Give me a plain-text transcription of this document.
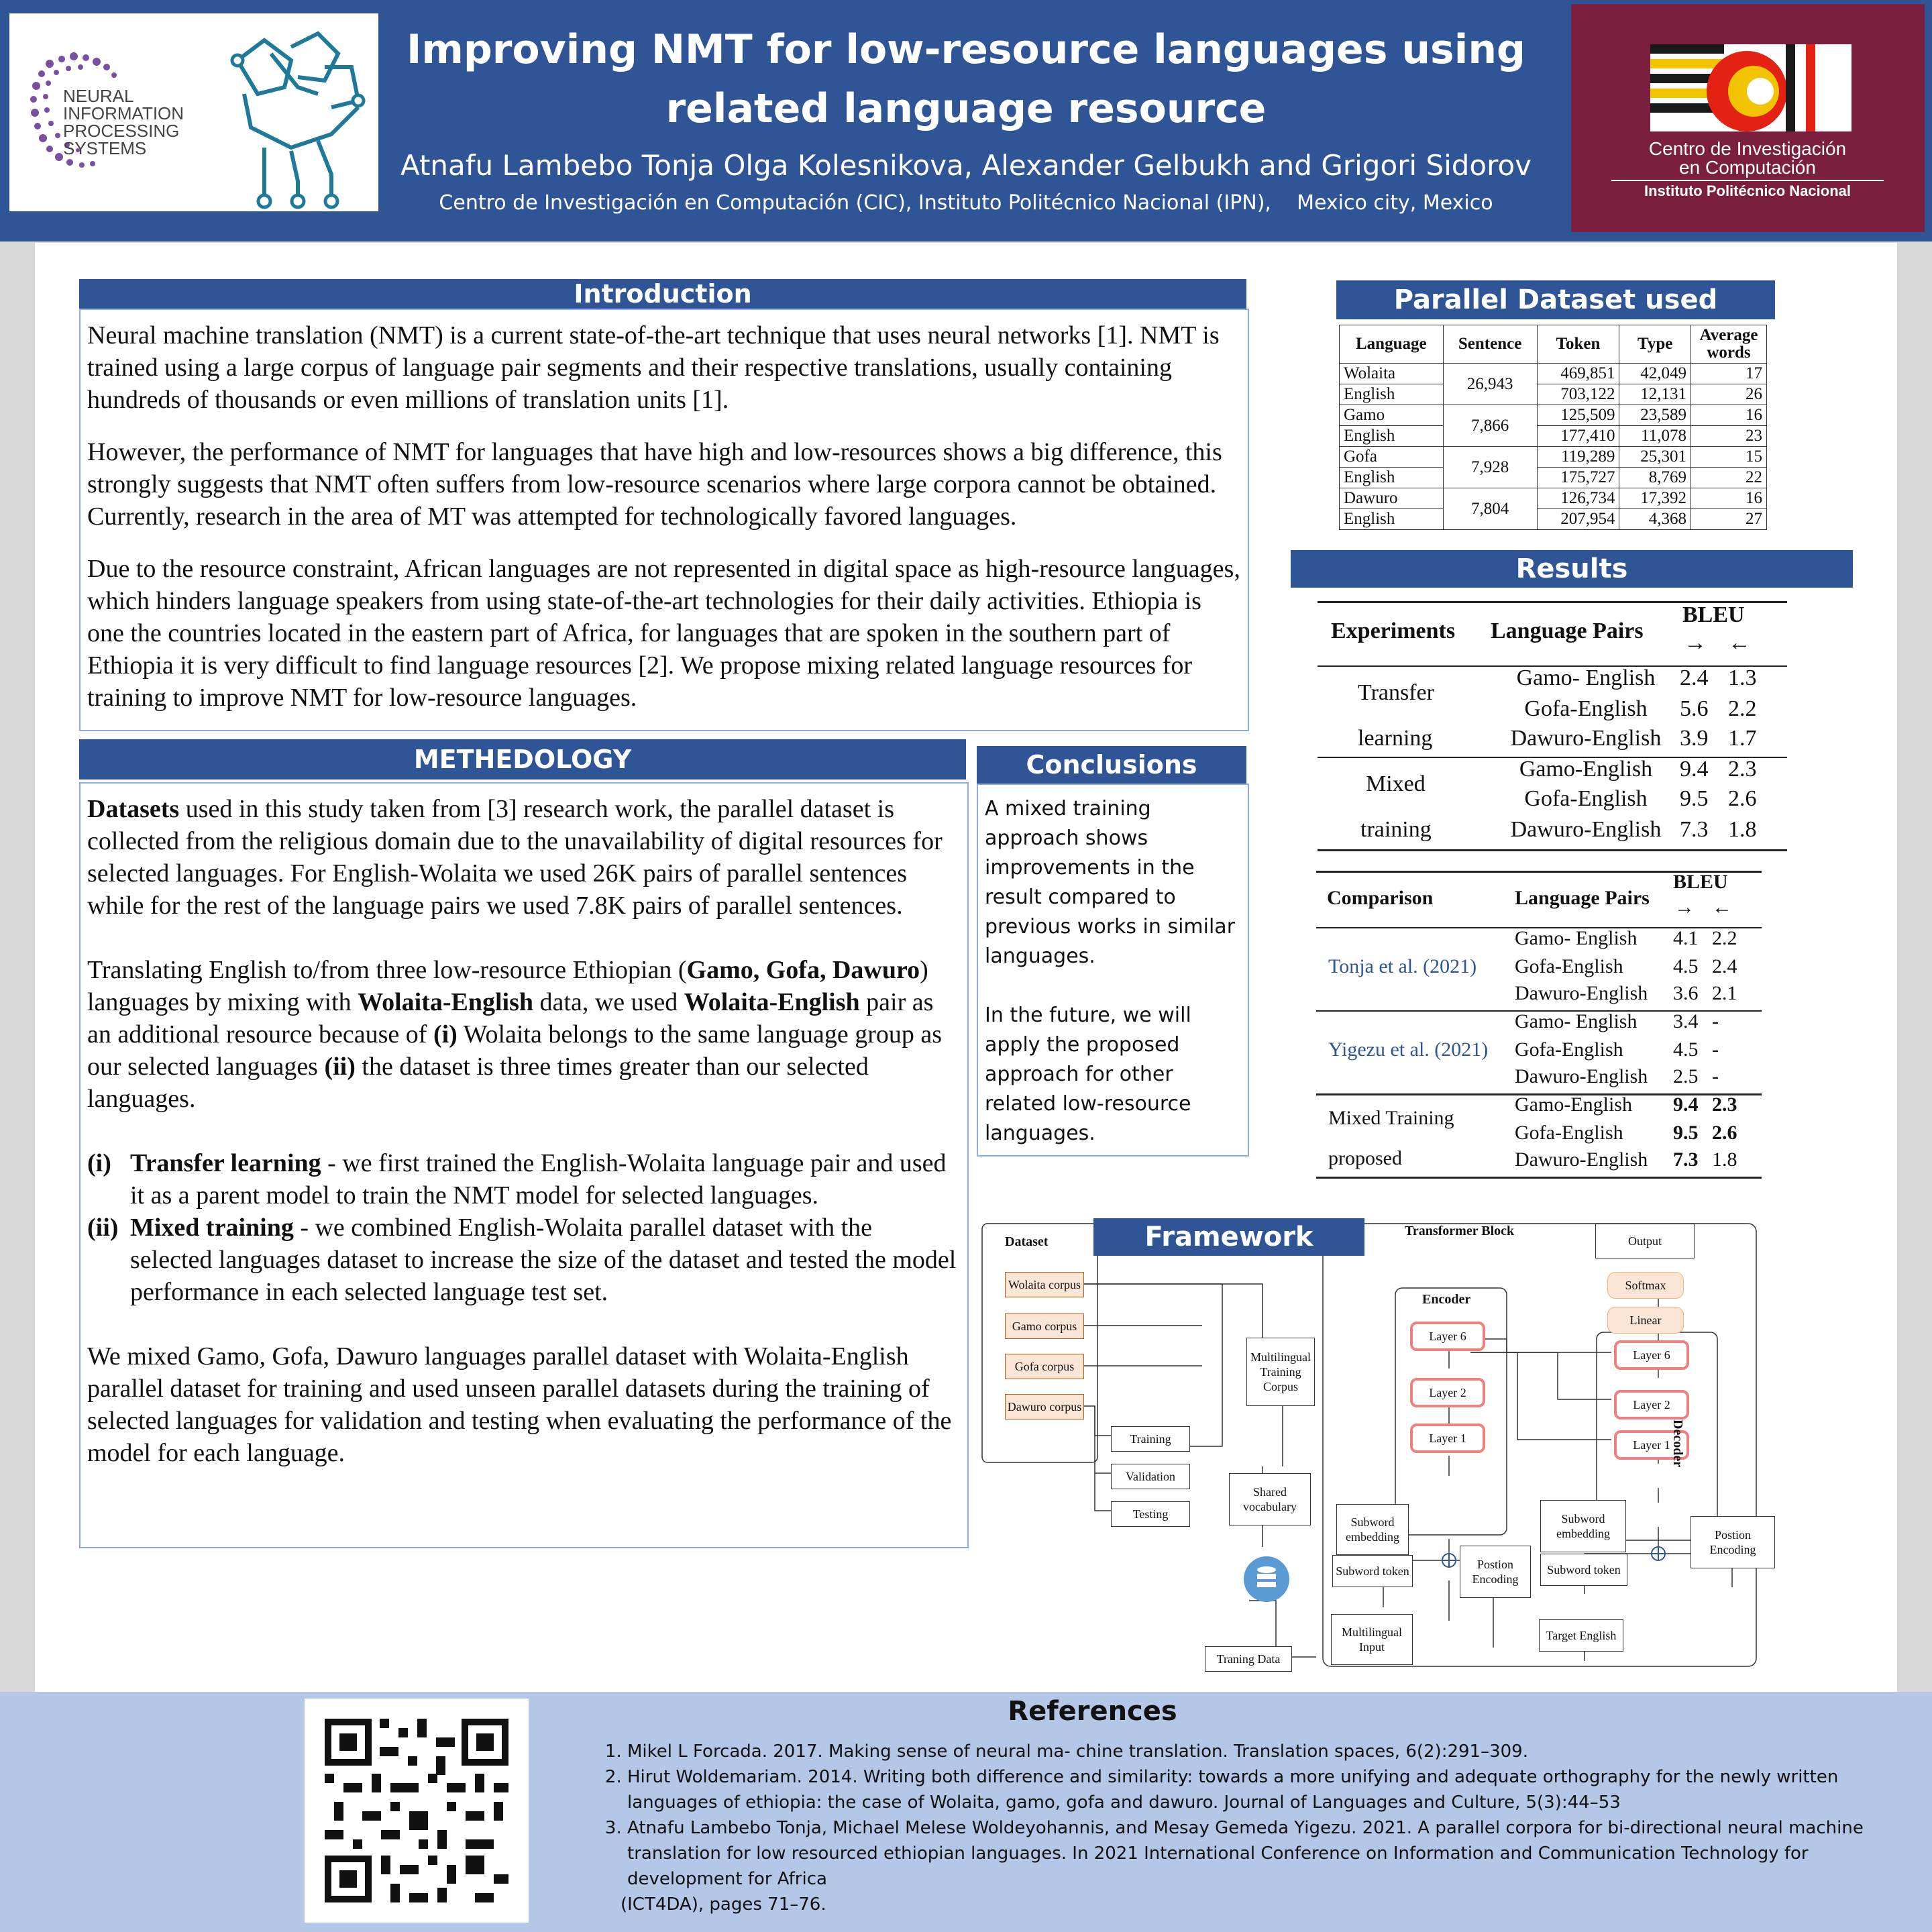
NEURAL
INFORMATION
PROCESSING
SYSTEMS	Centro de Investigación
en Computación
Instituto Politécnico Nacional
Improving NMT for low-resource languages using related language resource
Atnafu Lambebo Tonja Olga Kolesnikova, Alexander Gelbukh and Grigori Sidorov
Centro de Investigación en Computación (CIC), Instituto Politécnico Nacional (IPN),    Mexico city, Mexico
Introduction

Neural machine translation (NMT) is a current state-of-the-art technique that uses neural networks [1]. NMT is trained using a large corpus of language pair segments and their respective translations, usually containing hundreds of thousands or even millions of translation units [1].

However, the performance of NMT for languages that have high and low-resources shows a big difference, this strongly suggests that NMT often suffers from low-resource scenarios where large corpora cannot be obtained. Currently, research in the area of MT was attempted for technologically favored languages.

Due to the resource constraint, African languages are not represented in digital space as high-resource languages, which hinders language speakers from using state-of-the-art technologies for their daily activities. Ethiopia is one the countries located in the eastern part of Africa, for languages that are spoken in the southern part of Ethiopia it is very difficult to find language resources [2]. We propose mixing related language resources for training to improve NMT for low-resource languages.

METHEDOLOGY

Datasets used in this study taken from [3] research work, the parallel dataset is collected from the religious domain due to the unavailability of digital resources for selected languages. For English-Wolaita we used 26K pairs of parallel sentences while for the rest of the language pairs we used 7.8K pairs of parallel sentences.

Translating English to/from three low-resource Ethiopian (Gamo, Gofa, Dawuro) languages by mixing with Wolaita-English data, we used Wolaita-English pair as an additional resource because of (i) Wolaita belongs to the same language group as our selected languages (ii) the dataset is three times greater than our selected languages.

(i) Transfer learning - we first trained the English-Wolaita language pair and used it as a parent model to train the NMT model for selected languages.
(ii) Mixed training - we combined English-Wolaita parallel dataset with the selected languages dataset to increase the size of the dataset and tested the model performance in each selected language test set.

We mixed Gamo, Gofa, Dawuro languages parallel dataset with Wolaita-English parallel dataset for training and used unseen parallel datasets during the training of selected languages for validation and testing when evaluating the performance of the model for each language.

Conclusions
A mixed training approach shows improvements in the result compared to previous works in similar languages.
In the future, we will apply the proposed approach for other related low-resource languages.
Parallel Dataset used
Language	Sentence	Token	Type	Average words
Wolaita	26,943	469,851	42,049	17
English		703,122	12,131	26
Gamo	7,866	125,509	23,589	16
English		177,410	11,078	23
Gofa	7,928	119,289	25,301	15
English		175,727	8,769	22
Dawuro	7,804	126,734	17,392	16
English		207,954	4,368	27
Results
Experiments Language Pairs
BLEU
→ ←
Transfer
learning
Gamo- English	2.4 1.3
Gofa-English	5.6 2.2
Dawuro-English 3.9 1.7
Mixed
training
Gamo-English	9.4 2.3
Gofa-English	9.5 2.6
Dawuro-English 7.3 1.8
Comparison	Language Pairs
BLEU
→ ←
Tonja et al. (2021)
Gamo- English 4.1 2.2
Gofa-English 4.5 2.4
Dawuro-English 3.6 2.1
Yigezu et al. (2021)
Gamo- English 3.4 -
Gofa-English 4.5 -
Dawuro-English 2.5 -
Mixed Training
proposed
Gamo-English 9.4 2.3
Gofa-English 9.5 2.6
Dawuro-English 7.3 1.8
Dataset
Wolaita corpus
Gamo corpus
Gofa corpus
Dawuro corpus
Training
Validation
Testing
Multilingual Training Corpus
Shared vocabulary
Traning Data
Multilingual Input
Transformer Block
Encoder
Layer 6
Layer 2
Layer 1
Subword embedding
Subword token	Postion Encoding
Output
Softmax
Linear
Layer 6
Layer 2
Layer 1 Decoder
Subword embedding
Subword token
Postion Encoding
Target English
Framework
References
1. Mikel L Forcada. 2017. Making sense of neural ma- chine translation. Translation spaces, 6(2):291–309.
2. Hirut Woldemariam. 2014. Writing both difference and similarity: towards a more unifying and adequate orthography for the newly written languages of ethiopia: the case of Wolaita, gamo, gofa and dawuro. Journal of Languages and Culture, 5(3):44–53
3. Atnafu Lambebo Tonja, Michael Melese Woldeyohannis, and Mesay Gemeda Yigezu. 2021. A parallel corpora for bi-directional neural machine translation for low resourced ethiopian languages. In 2021 International Conference on Information and Communication Technology for development for Africa
(ICT4DA), pages 71–76.
